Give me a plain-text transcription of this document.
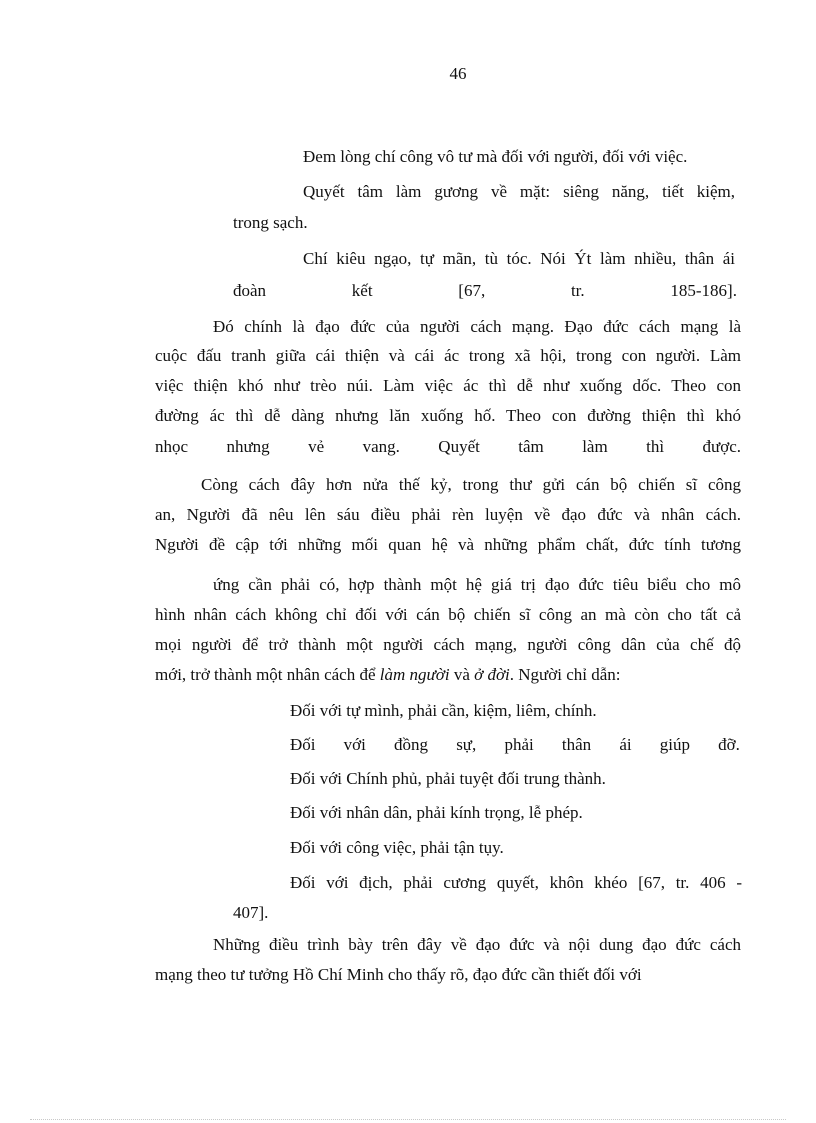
46
Đem lòng chí công vô tư mà đối với người, đối với việc.
Quyết tâm làm gương về mặt: siêng năng, tiết kiệm,
trong sạch.
Chí kiêu ngạo, tự mãn, tù tóc. Nói Ýt làm nhiều, thân ái
đoàn	kết	[67,	tr.	185-186].
Đó chính là đạo đức của người cách mạng. Đạo đức cách mạng là
cuộc đấu tranh giữa cái thiện và cái ác trong xã hội, trong con người. Làm
việc thiện khó như trèo núi. Làm việc ác thì dễ như xuống dốc. Theo con
đường ác thì dễ dàng nhưng lăn xuống hố. Theo con đường thiện thì khó
nhọc nhưng vẻ vang. Quyết tâm làm thì được.
Còng cách đây hơn nửa thế kỷ, trong thư gửi cán bộ chiến sĩ công
an, Người đã nêu lên sáu điều phải rèn luyện về đạo đức và nhân cách.
Người đề cập tới những mối quan hệ và những phẩm chất, đức tính tương
ứng cần phải có, hợp thành một hệ giá trị đạo đức tiêu biểu cho mô
hình nhân cách không chỉ đối với cán bộ chiến sĩ công an mà còn cho tất cả
mọi người để trở thành một người cách mạng, người công dân của chế độ
mới, trở thành một nhân cách để làm người và ở đời. Người chỉ dẫn:
Đối với tự mình, phải cần, kiệm, liêm, chính.
Đối với đồng sự, phải thân ái giúp đỡ.
Đối với Chính phủ, phải tuyệt đối trung thành.
Đối với nhân dân, phải kính trọng, lễ phép.
Đối với công việc, phải tận tụy.
Đối với địch, phải cương quyết, khôn khéo [67, tr. 406 -
407].
Những điều trình bày trên đây về đạo đức và nội dung đạo đức cách
mạng theo tư tưởng Hồ Chí Minh cho thấy rõ, đạo đức cần thiết đối với
